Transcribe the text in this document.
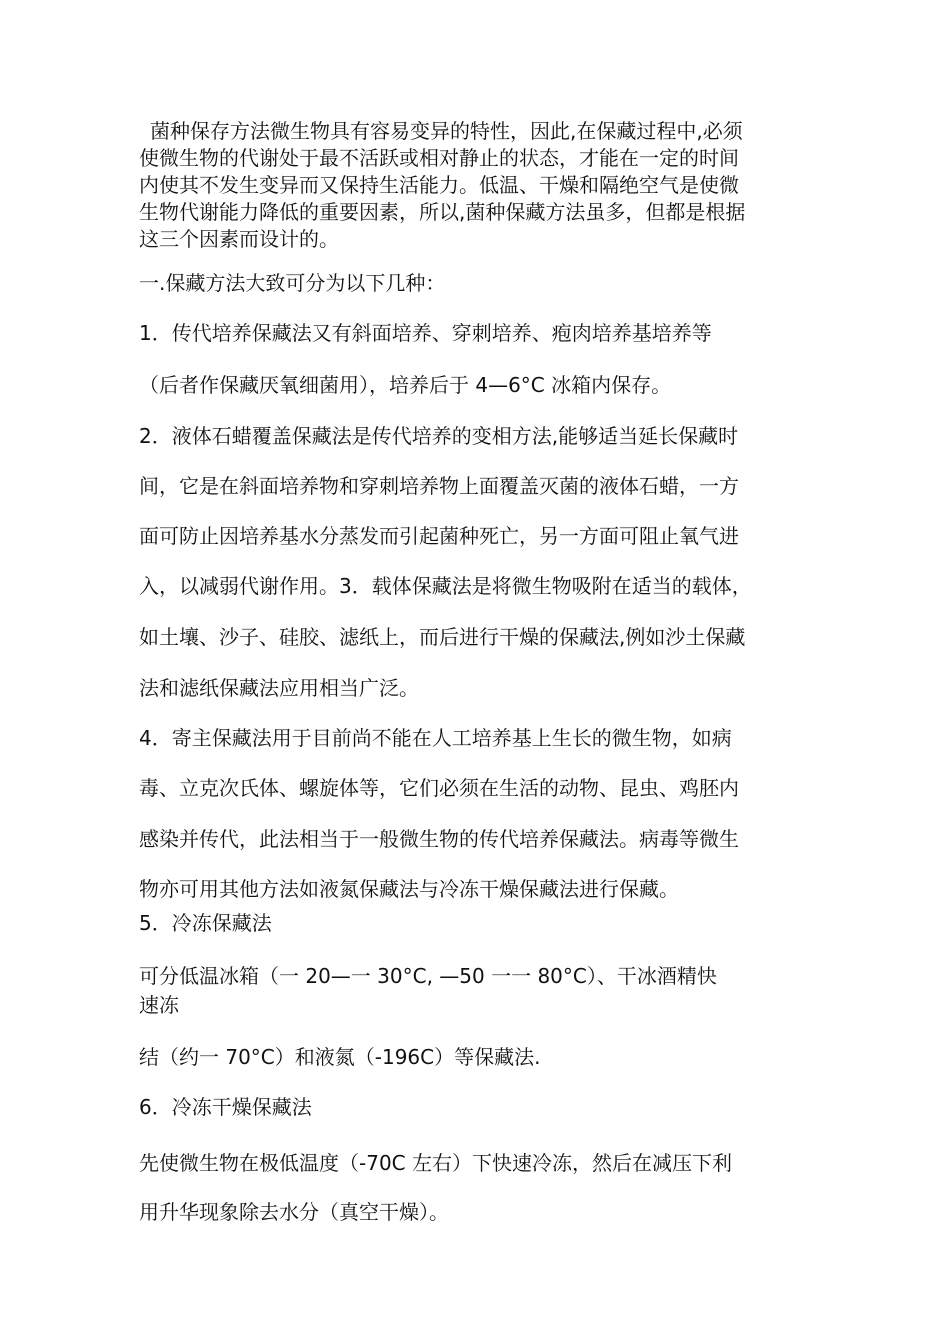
菌种保存方法微生物具有容易变异的特性，因此,在保藏过程中,必须

使微生物的代谢处于最不活跃或相对静止的状态，才能在一定的时间

内使其不发生变异而又保持生活能力。低温、干燥和隔绝空气是使微

生物代谢能力降低的重要因素，所以,菌种保藏方法虽多，但都是根据

这三个因素而设计的。

一.保藏方法大致可分为以下几种：

1．传代培养保藏法又有斜面培养、穿刺培养、疱肉培养基培养等

（后者作保藏厌氧细菌用），培养后于 4—6°C 冰箱内保存。

2．液体石蜡覆盖保藏法是传代培养的变相方法,能够适当延长保藏时

间，它是在斜面培养物和穿刺培养物上面覆盖灭菌的液体石蜡，一方

面可防止因培养基水分蒸发而引起菌种死亡，另一方面可阻止氧气进

入，以减弱代谢作用。3．载体保藏法是将微生物吸附在适当的载体，

如土壤、沙子、硅胶、滤纸上，而后进行干燥的保藏法,例如沙土保藏

法和滤纸保藏法应用相当广泛。

4．寄主保藏法用于目前尚不能在人工培养基上生长的微生物，如病

毒、立克次氏体、螺旋体等，它们必须在生活的动物、昆虫、鸡胚内

感染并传代，此法相当于一般微生物的传代培养保藏法。病毒等微生

物亦可用其他方法如液氮保藏法与冷冻干燥保藏法进行保藏。

5．冷冻保藏法

可分低温冰箱（一 20—一 30°C, —50 一一 80°C）、干冰酒精快

速冻

结（约一 70°C）和液氮（-196C）等保藏法.

6．冷冻干燥保藏法

先使微生物在极低温度（-70C 左右）下快速冷冻，然后在减压下利

用升华现象除去水分（真空干燥）。
